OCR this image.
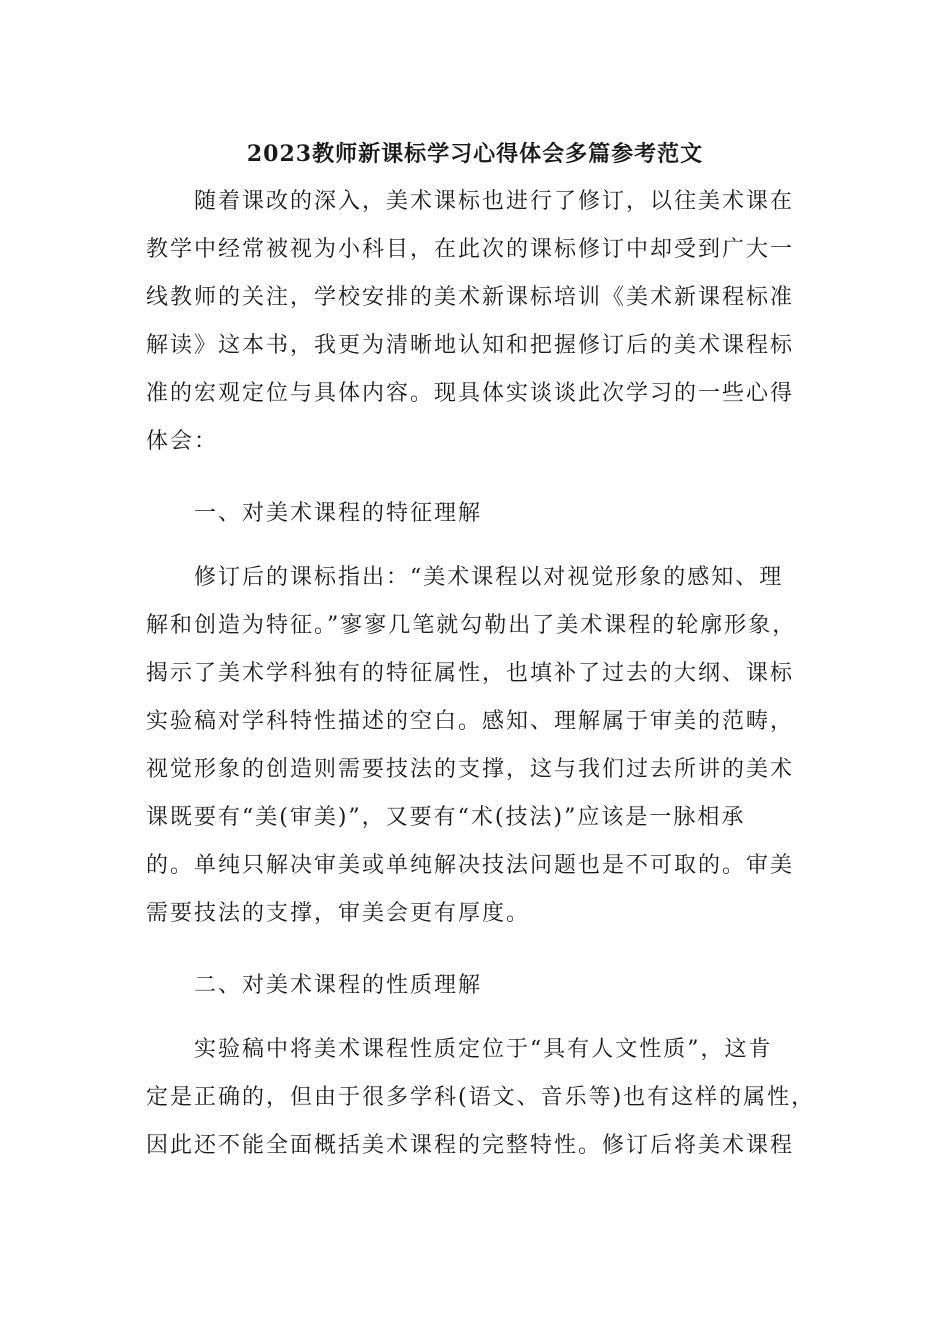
2023教师新课标学习心得体会多篇参考范文
随着课改的深入，美术课标也进行了修订，以往美术课在
教学中经常被视为小科目，在此次的课标修订中却受到广大一
线教师的关注，学校安排的美术新课标培训《美术新课程标准
解读》这本书，我更为清晰地认知和把握修订后的美术课程标
准的宏观定位与具体内容。现具体实谈谈此次学习的一些心得
体会：
一、对美术课程的特征理解
修订后的课标指出：“美术课程以对视觉形象的感知、理
解和创造为特征。”寥寥几笔就勾勒出了美术课程的轮廓形象，
揭示了美术学科独有的特征属性，也填补了过去的大纲、课标
实验稿对学科特性描述的空白。感知、理解属于审美的范畴，
视觉形象的创造则需要技法的支撑，这与我们过去所讲的美术
课既要有“美(审美)”，又要有“术(技法)”应该是一脉相承
的。单纯只解决审美或单纯解决技法问题也是不可取的。审美
需要技法的支撑，审美会更有厚度。
二、对美术课程的性质理解
实验稿中将美术课程性质定位于“具有人文性质”，这肯
定是正确的，但由于很多学科(语文、音乐等)也有这样的属性，
因此还不能全面概括美术课程的完整特性。修订后将美术课程
